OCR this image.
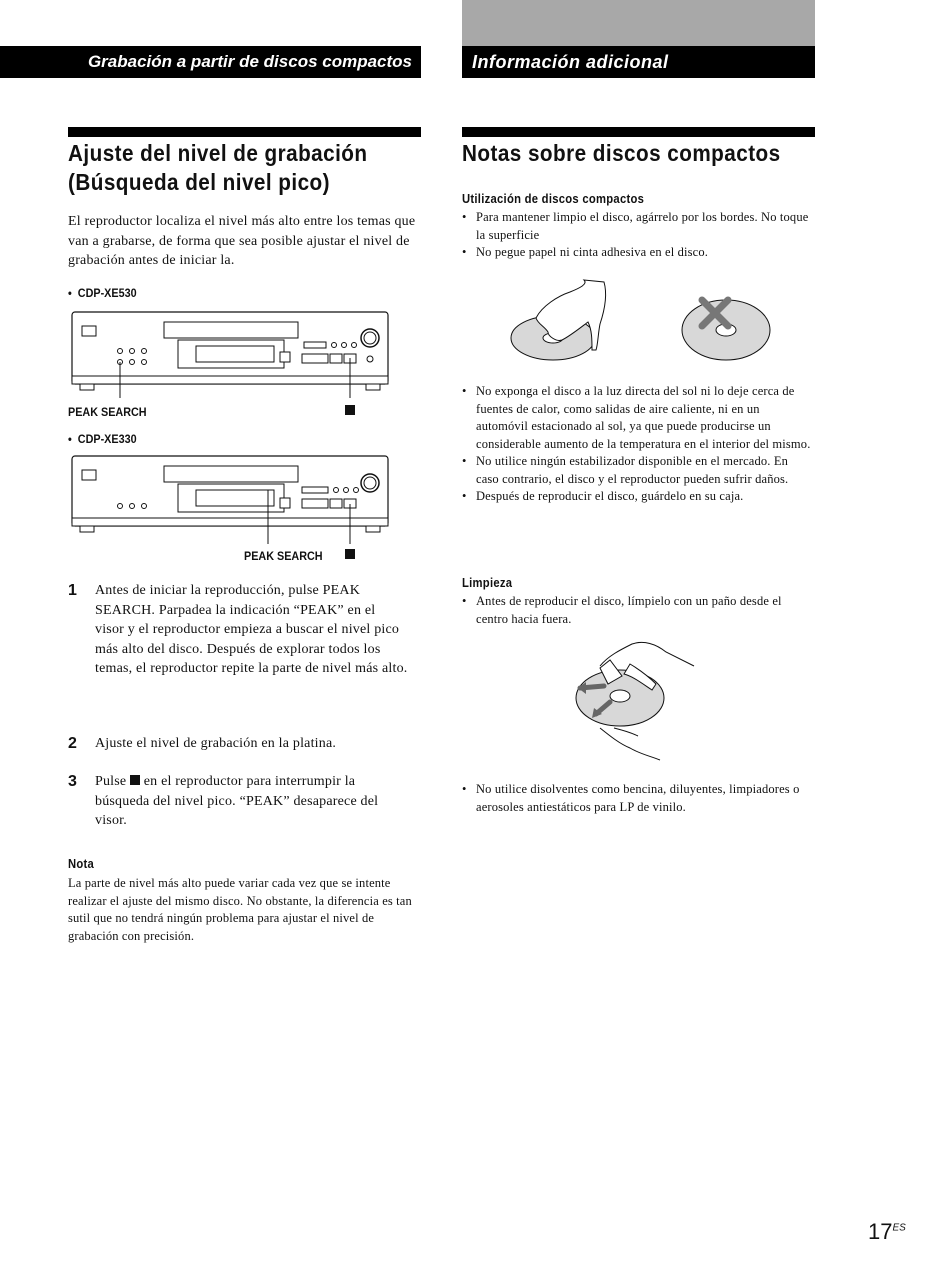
Grabación a partir de discos compactos	Información adicional
Ajuste del nivel de grabación
(Búsqueda del nivel pico)
El reproductor localiza el nivel más alto entre los temas que van a grabarse, de forma que sea posible ajustar el nivel de grabación antes de iniciar la.
•  CDP-XE530
PEAK SEARCH
•  CDP-XE330
PEAK SEARCH
1 Antes de iniciar la reproducción, pulse PEAK SEARCH. Parpadea la indicación “PEAK” en el visor y el reproductor empieza a buscar el nivel pico más alto del disco. Después de explorar todos los temas, el reproductor repite la parte de nivel más alto.
2 Ajuste el nivel de grabación en la platina.
3 Pulse en el reproductor para interrumpir la búsqueda del nivel pico. “PEAK” desaparece del visor.
Nota
La parte de nivel más alto puede variar cada vez que se intente realizar el ajuste del mismo disco. No obstante, la diferencia es tan sutil que no tendrá ningún problema para ajustar el nivel de grabación con precisión.
Notas sobre discos compactos
Utilización de discos compactos
• Para mantener limpio el disco, agárrelo por los bordes. No toque la superficie
• No pegue papel ni cinta adhesiva en el disco.
• No exponga el disco a la luz directa del sol ni lo deje cerca de fuentes de calor, como salidas de aire caliente, ni en un automóvil estacionado al sol, ya que puede producirse un considerable aumento de la temperatura en el interior del mismo.
• No utilice ningún estabilizador disponible en el mercado. En caso contrario, el disco y el reproductor pueden sufrir daños.
• Después de reproducir el disco, guárdelo en su caja.
Limpieza
• Antes de reproducir el disco, límpielo con un paño desde el centro hacia fuera.
• No utilice disolventes como bencina, diluyentes, limpiadores o aerosoles antiestáticos para LP de vinilo.
$17^{ES}$
